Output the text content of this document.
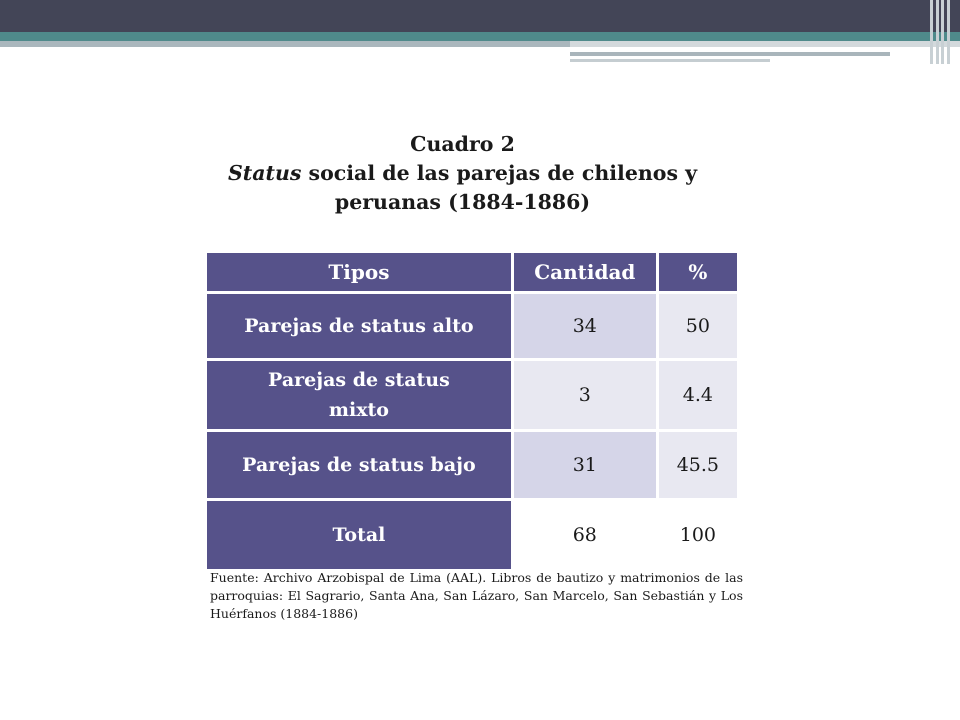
Cuadro 2
Status social de las parejas de chilenos y peruanas (1884-1886)
Tipos	Cantidad	%
Parejas de status alto	34	50
Parejas de status mixto	3	4.4
Parejas de status bajo	31	45.5
Total	68	100
Fuente: Archivo Arzobispal de Lima (AAL). Libros de bautizo y matrimonios de las parroquias: El Sagrario, Santa Ana, San Lázaro, San Marcelo, San Sebastián y Los Huérfanos (1884-1886)
